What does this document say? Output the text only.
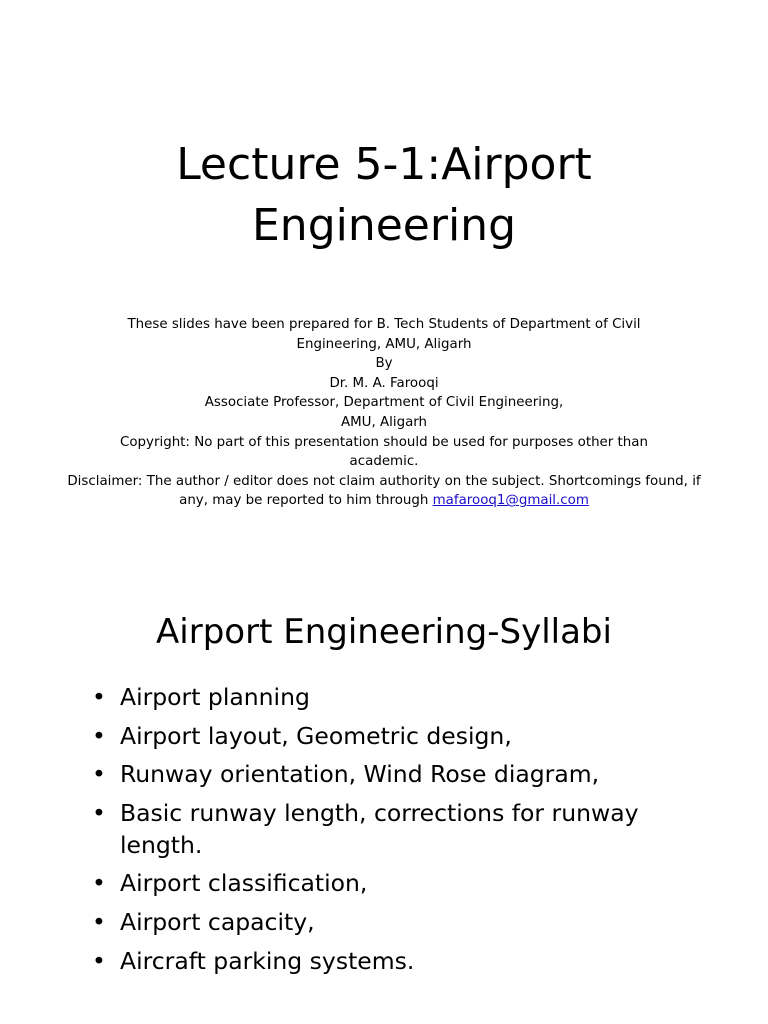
Lecture 5-1:Airport
Engineering
These slides have been prepared for B. Tech Students of Department of Civil
Engineering, AMU, Aligarh
By
Dr. M. A. Farooqi
Associate Professor, Department of Civil Engineering,
AMU, Aligarh
Copyright: No part of this presentation should be used for purposes other than
academic.
Disclaimer: The author / editor does not claim authority on the subject. Shortcomings found, if
any, may be reported to him through mafarooq1@gmail.com
Airport Engineering-Syllabi
• Airport planning
• Airport layout, Geometric design,
• Runway orientation, Wind Rose diagram,
• Basic runway length, corrections for runway length.
• Airport classification,
• Airport capacity,
• Aircraft parking systems.
